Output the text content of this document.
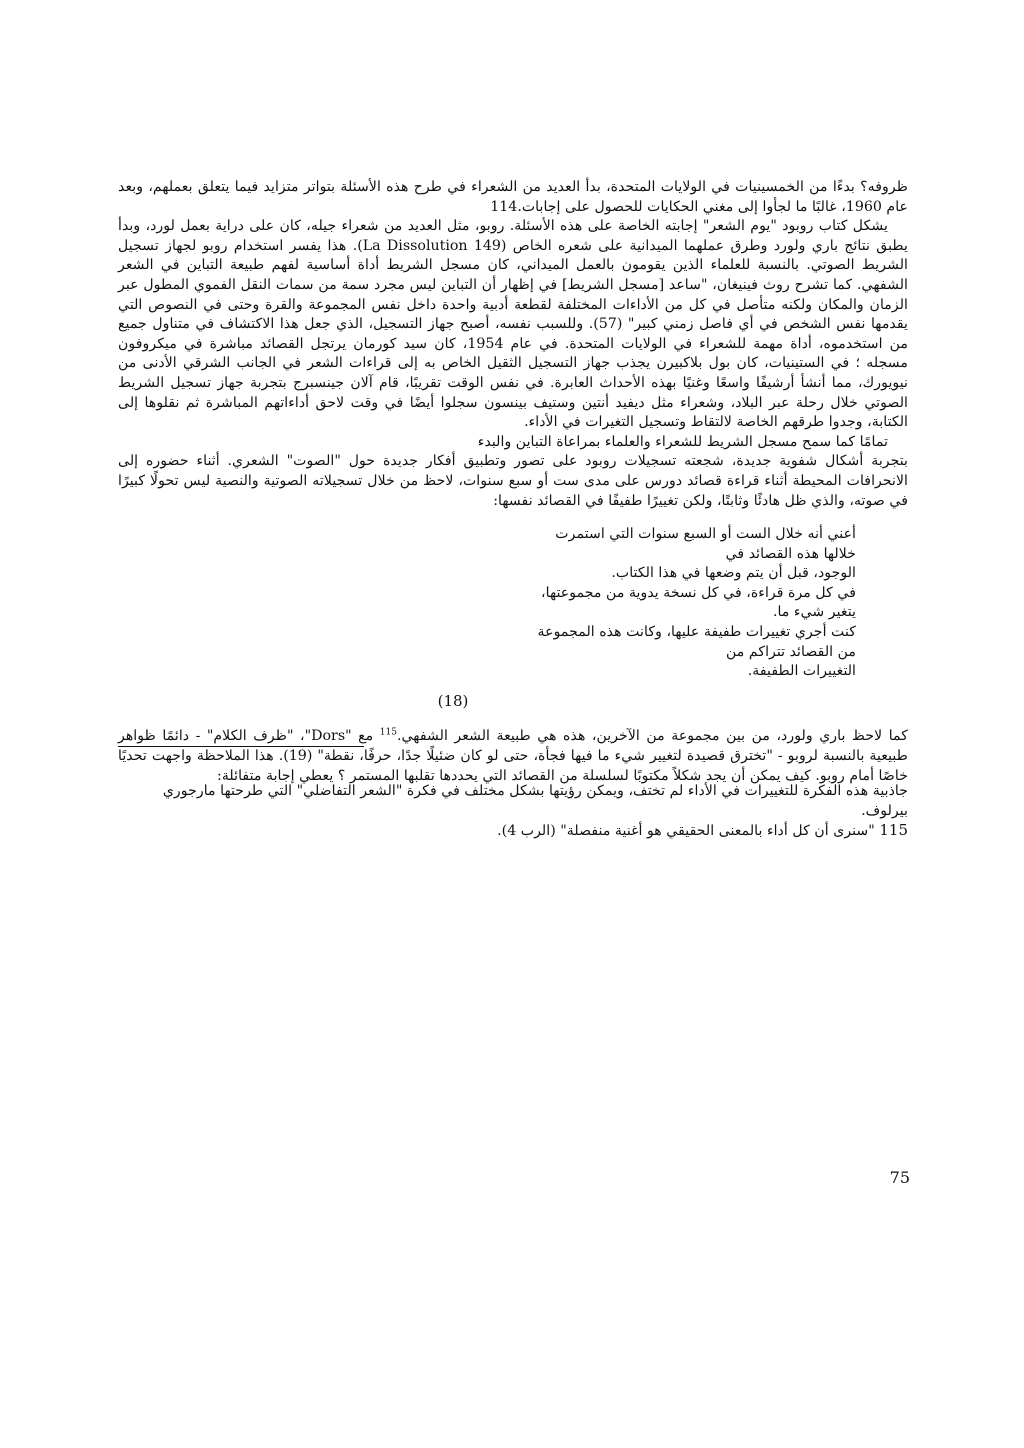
ظروفه؟ بدءًا من الخمسينيات في الولايات المتحدة، بدأ العديد من الشعراء في طرح هذه الأسئلة بتواتر متزايد فيما يتعلق بعملهم، وبعد عام 1960، غالبًا ما لجأوا إلى مغني الحكايات للحصول على إجابات.114

يشكل كتاب روبود "يوم الشعر" إجابته الخاصة على هذه الأسئلة. روبو، مثل العديد من شعراء جيله، كان على دراية بعمل لورد، وبدأ يطبق نتائج باري ولورد وطرق عملهما الميدانية على شعره الخاص (La Dissolution 149). هذا يفسر استخدام روبو لجهاز تسجيل الشريط الصوتي. بالنسبة للعلماء الذين يقومون بالعمل الميداني، كان مسجل الشريط أداة أساسية لفهم طبيعة التباين في الشعر الشفهي. كما تشرح روث فينيغان، "ساعد [مسجل الشريط] في إظهار أن التباين ليس مجرد سمة من سمات النقل الفموي المطول عبر الزمان والمكان ولكنه متأصل في كل من الأداءات المختلفة لقطعة أدبية واحدة داخل نفس المجموعة والقرة وحتى في النصوص التي يقدمها نفس الشخص في أي فاصل زمني كبير" (57). وللسبب نفسه، أصبح جهاز التسجيل، الذي جعل هذا الاكتشاف في متناول جميع من استخدموه، أداة مهمة للشعراء في الولايات المتحدة. في عام 1954، كان سيد كورمان يرتجل القصائد مباشرة في ميكروفون مسجله ؛ في الستينيات، كان بول بلاكبيرن يجذب جهاز التسجيل الثقيل الخاص به إلى قراءات الشعر في الجانب الشرقي الأدنى من نيويورك، مما أنشأ أرشيفًا واسعًا وغنيًا بهذه الأحداث العابرة. في نفس الوقت تقريبًا، قام آلان جينسبرج بتجربة جهاز تسجيل الشريط الصوتي خلال رحلة عبر البلاد، وشعراء مثل ديفيد أنتين وستيف بينسون سجلوا أيضًا في وقت لاحق أداءاتهم المباشرة ثم نقلوها إلى الكتابة، وجدوا طرقهم الخاصة لالتقاط وتسجيل التغيرات في الأداء.

تمامًا كما سمح مسجل الشريط للشعراء والعلماء بمراعاة التباين والبدء

بتجربة أشكال شفوية جديدة، شجعته تسجيلات روبود على تصور وتطبيق أفكار جديدة حول "الصوت" الشعري. أثناء حضوره إلى الانحرافات المحيطة أثناء قراءة قصائد دورس على مدى ست أو سبع سنوات، لاحظ من خلال تسجيلاته الصوتية والنصية ليس تحولًا كبيرًا في صوته، والذي ظل هادئًا وثابتًا، ولكن تغييرًا طفيفًا في القصائد نفسها:

أعني أنه خلال الست أو السبع سنوات التي استمرت خلالها هذه القصائد في

الوجود، قبل أن يتم وضعها في هذا الكتاب.

في كل مرة قراءة، في كل نسخة يدوية من مجموعتها، يتغير شيء ما.

كنت أجري تغييرات طفيفة عليها، وكانت هذه المجموعة من القصائد تتراكم من

التغييرات الطفيفة.

(18)

كما لاحظ باري ولورد، من بين مجموعة من الآخرين، هذه هي طبيعة الشعر الشفهي.$^{115}$ مع "Dors"، "ظرف الكلام" - دائمًا ظواهر طبيعية بالنسبة لروبو - "تخترق قصيدة لتغيير شيء ما فيها فجأة، حتى لو كان ضئيلًا جدًا، حرفًا، نقطة" (19). هذا الملاحظة واجهت تحديًا خاصًا أمام روبو. كيف يمكن أن يجد شكلاً مكتوبًا لسلسلة من القصائد التي يحددها تقلبها المستمر ؟ يعطي إجابة متفائلة:

جاذبية هذه الفكرة للتغييرات في الأداء لم تختف، ويمكن رؤيتها بشكل مختلف في فكرة "الشعر التفاضلي" التي طرحتها مارجوري بيرلوف.

115 "سنرى أن كل أداء بالمعنى الحقيقي هو أغنية منفصلة" (الرب 4).

75
